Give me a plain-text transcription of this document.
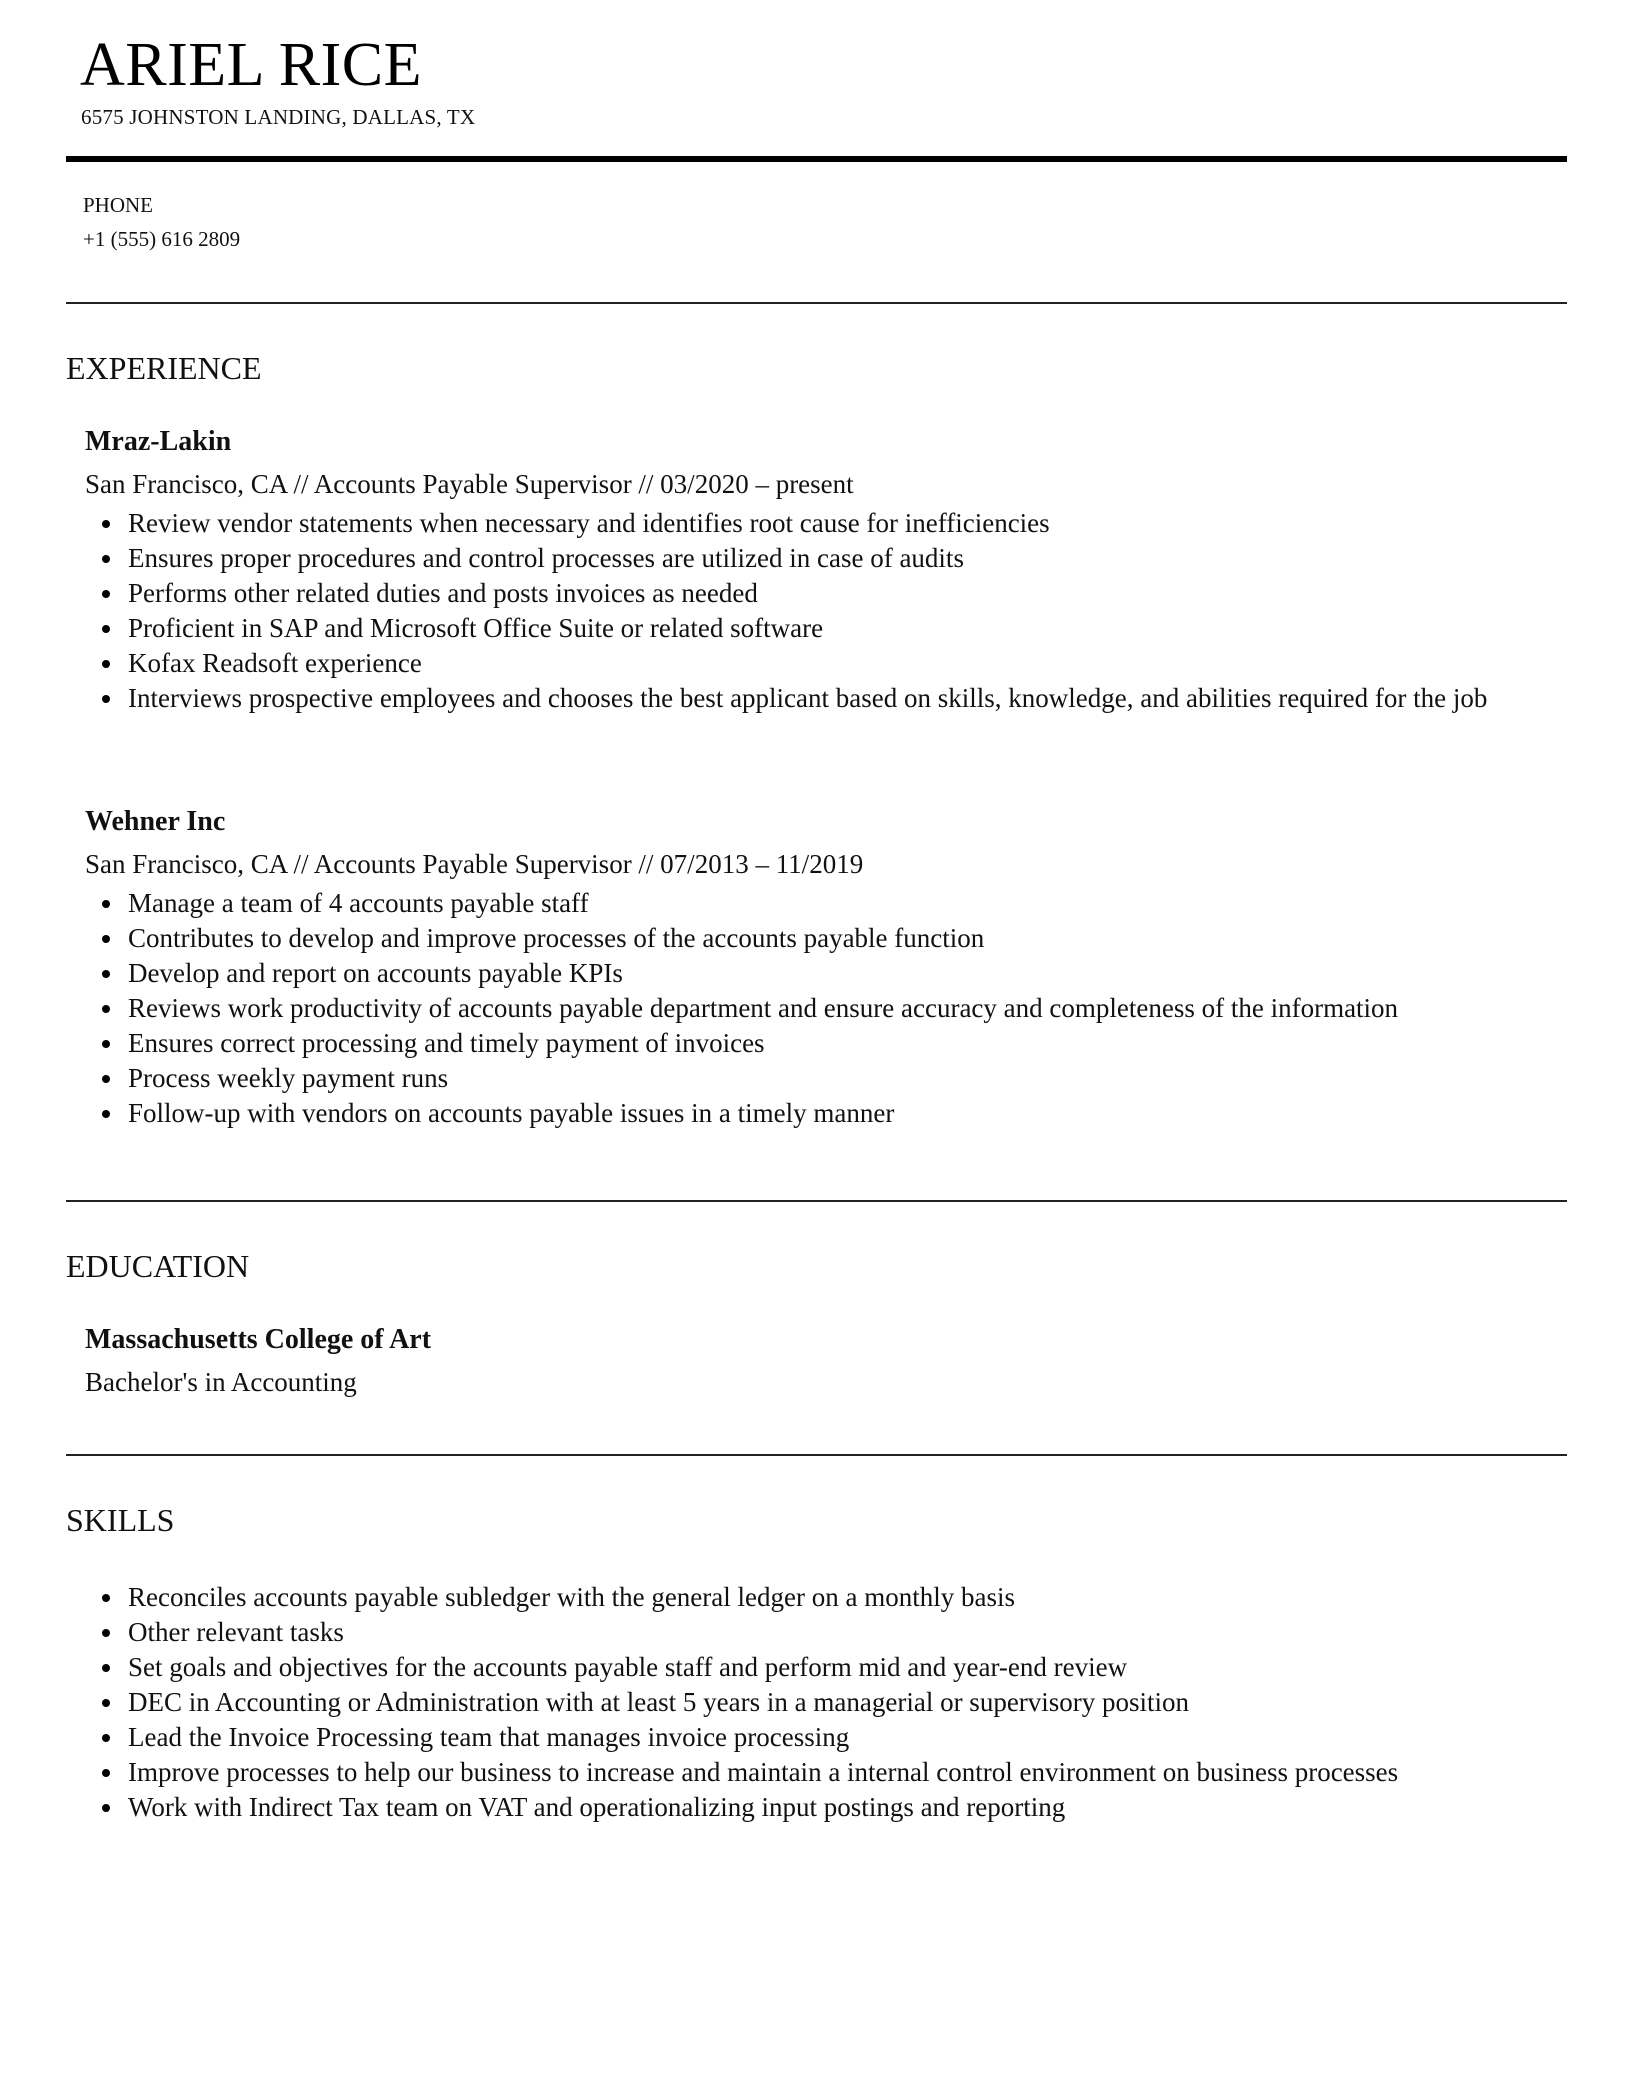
ARIEL RICE
6575 JOHNSTON LANDING, DALLAS, TX
PHONE
+1 (555) 616 2809
EXPERIENCE
Mraz-Lakin
San Francisco, CA // Accounts Payable Supervisor // 03/2020 – present
Review vendor statements when necessary and identifies root cause for inefficiencies
Ensures proper procedures and control processes are utilized in case of audits
Performs other related duties and posts invoices as needed
Proficient in SAP and Microsoft Office Suite or related software
Kofax Readsoft experience
Interviews prospective employees and chooses the best applicant based on skills, knowledge, and abilities required for the job
Wehner Inc
San Francisco, CA // Accounts Payable Supervisor // 07/2013 – 11/2019
Manage a team of 4 accounts payable staff
Contributes to develop and improve processes of the accounts payable function
Develop and report on accounts payable KPIs
Reviews work productivity of accounts payable department and ensure accuracy and completeness of the information
Ensures correct processing and timely payment of invoices
Process weekly payment runs
Follow-up with vendors on accounts payable issues in a timely manner
EDUCATION
Massachusetts College of Art
Bachelor's in Accounting
SKILLS
Reconciles accounts payable subledger with the general ledger on a monthly basis
Other relevant tasks
Set goals and objectives for the accounts payable staff and perform mid and year-end review
DEC in Accounting or Administration with at least 5 years in a managerial or supervisory position
Lead the Invoice Processing team that manages invoice processing
Improve processes to help our business to increase and maintain a internal control environment on business processes
Work with Indirect Tax team on VAT and operationalizing input postings and reporting
